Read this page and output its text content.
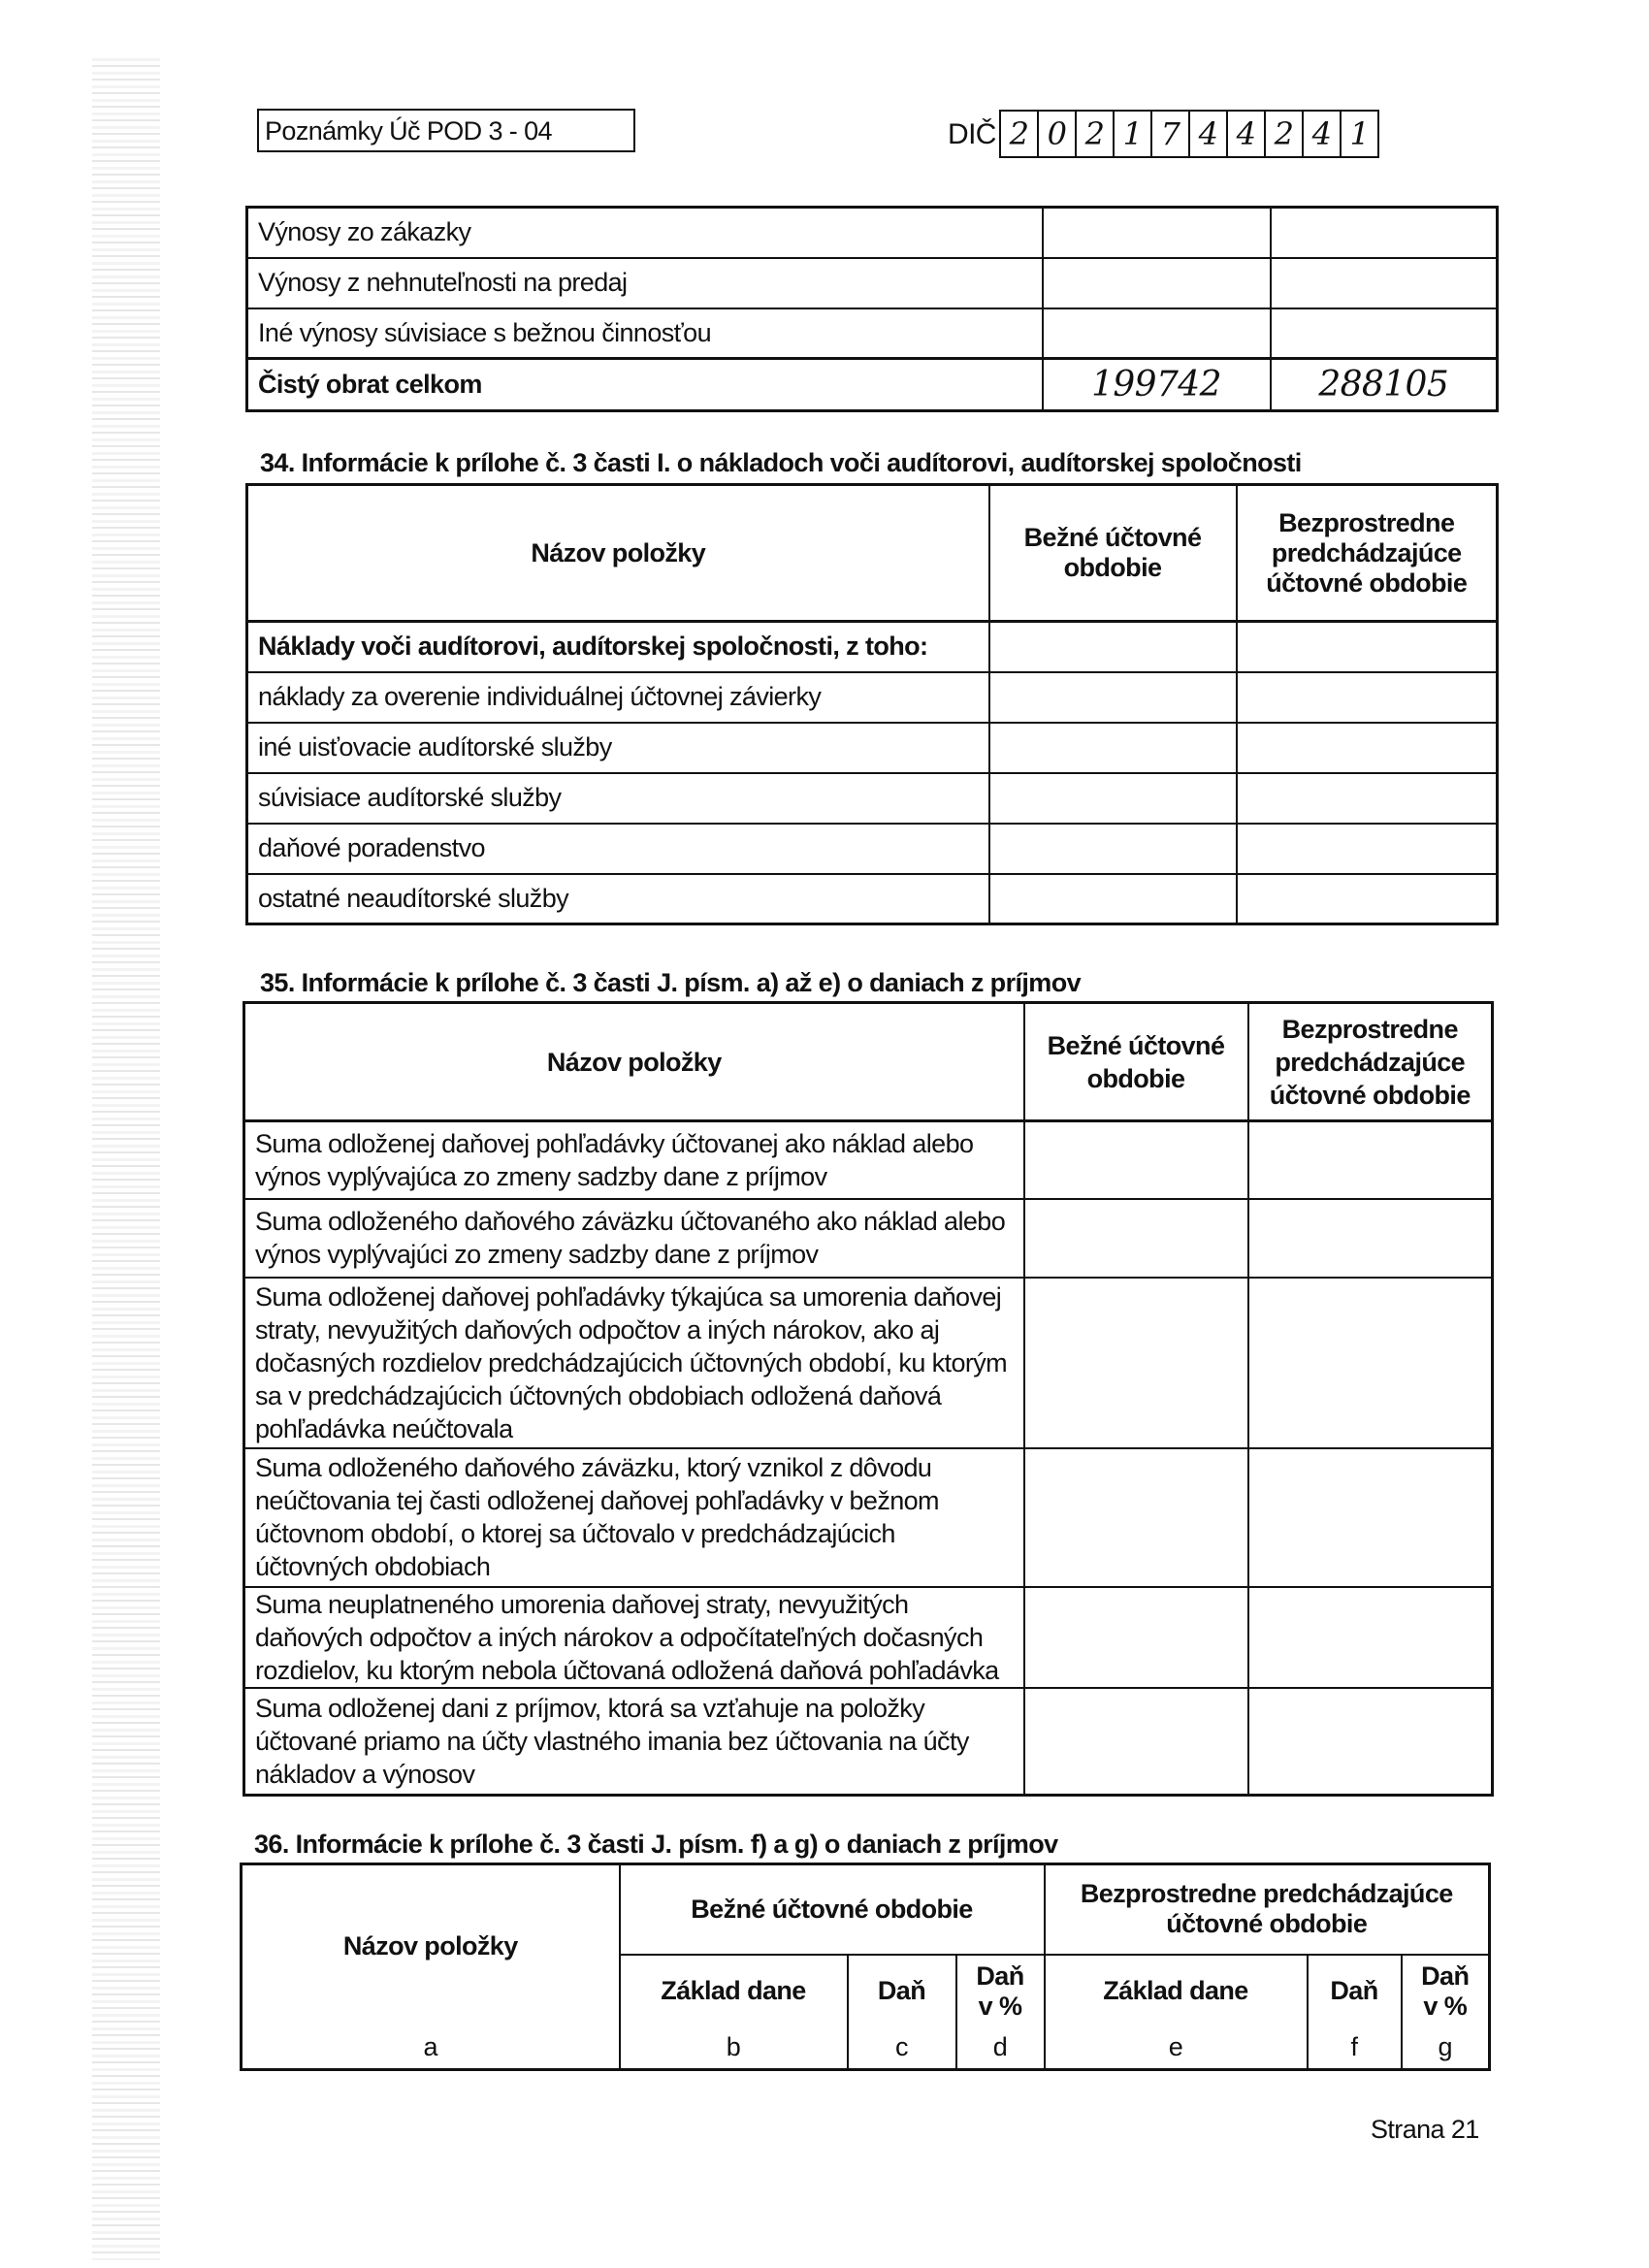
Poznámky Úč POD 3 - 04	DIČ 2 0 2 1 7 4 4 2 4 1
Výnosy zo zákazky		
Výnosy z nehnuteľnosti na predaj		
Iné výnosy súvisiace s bežnou činnosťou		
Čistý obrat celkom	199742	288105
34. Informácie k prílohe č. 3 časti I. o nákladoch voči audítorovi, audítorskej spoločnosti
Názov položky	Bežné účtovné obdobie	Bezprostredne predchádzajúce účtovné obdobie
Náklady voči audítorovi, audítorskej spoločnosti, z toho:		
náklady za overenie individuálnej účtovnej závierky		
iné uisťovacie audítorské služby		
súvisiace audítorské služby		
daňové poradenstvo		
ostatné neaudítorské služby		
35. Informácie k prílohe č. 3 časti J. písm. a) až e) o daniach z príjmov
Názov položky	Bežné účtovné obdobie	Bezprostredne predchádzajúce účtovné obdobie
Suma odloženej daňovej pohľadávky účtovanej ako náklad alebo výnos vyplývajúca zo zmeny sadzby dane z príjmov		
Suma odloženého daňového záväzku účtovaného ako náklad alebo výnos vyplývajúci zo zmeny sadzby dane z príjmov		
Suma odloženej daňovej pohľadávky týkajúca sa umorenia daňovej straty, nevyužitých daňových odpočtov a iných nárokov, ako aj dočasných rozdielov predchádzajúcich účtovných období, ku ktorým sa v predchádzajúcich účtovných obdobiach odložená daňová pohľadávka neúčtovala		
Suma odloženého daňového záväzku, ktorý vznikol z dôvodu neúčtovania tej časti odloženej daňovej pohľadávky v bežnom účtovnom období, o ktorej sa účtovalo v predchádzajúcich účtovných obdobiach		
Suma neuplatneného umorenia daňovej straty, nevyužitých daňových odpočtov a iných nárokov a odpočítateľných dočasných rozdielov, ku ktorým nebola účtovaná odložená daňová pohľadávka		
Suma odloženej dani z príjmov, ktorá sa vzťahuje na položky účtované priamo na účty vlastného imania bez účtovania na účty nákladov a výnosov		
36. Informácie k prílohe č. 3 časti J. písm. f) a g) o daniach z príjmov
Názov položky	Bežné účtovné obdobie			Bezprostredne predchádzajúce účtovné obdobie		
	Základ dane	Daň	Daň v %	Základ dane	Daň	Daň v %
a	b	c	d	e	f	g
Strana 21
